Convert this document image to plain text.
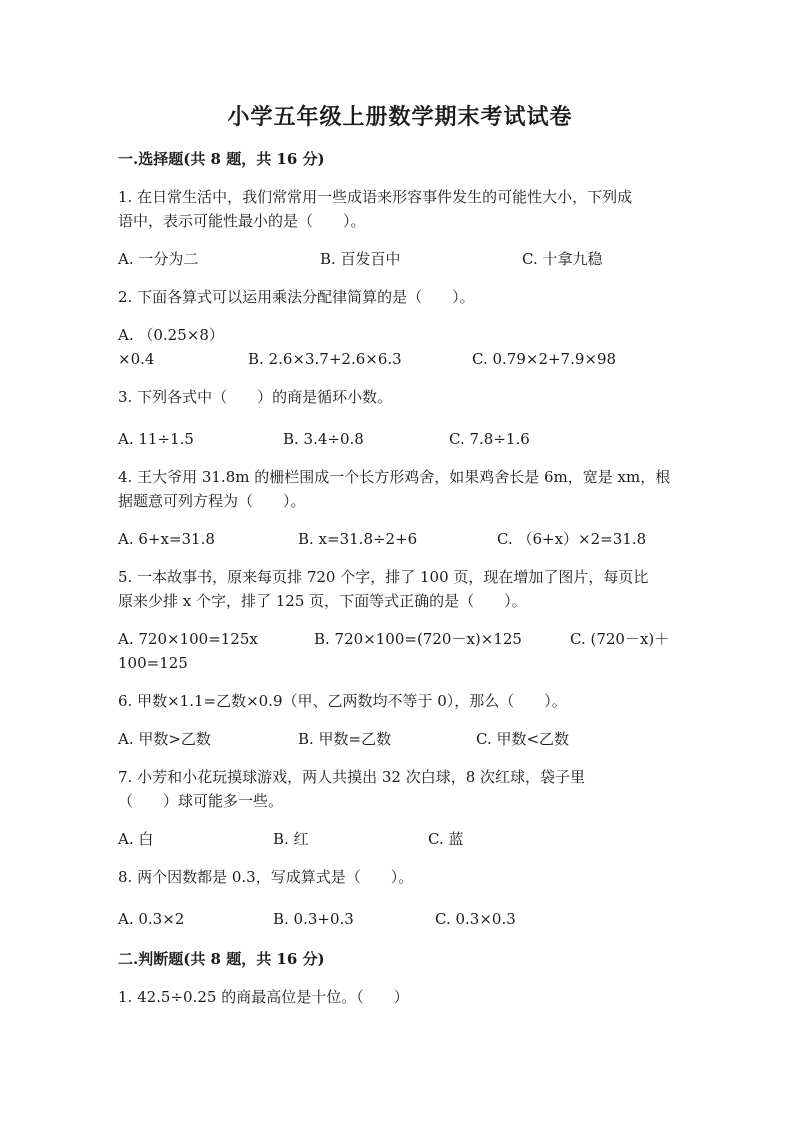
小学五年级上册数学期末考试试卷
一.选择题(共 8 题，共 16 分)
1. 在日常生活中，我们常常用一些成语来形容事件发生的可能性大小，下列成
语中，表示可能性最小的是（　　）。
A. 一分为二	B. 百发百中	C. 十拿九稳
2. 下面各算式可以运用乘法分配律简算的是（　　）。
A. （0.25×8）
×0.4	B. 2.6×3.7+2.6×6.3	C. 0.79×2+7.9×98
3. 下列各式中（　　）的商是循环小数。
A. 11÷1.5	B. 3.4÷0.8	C. 7.8÷1.6
4. 王大爷用 31.8m 的栅栏围成一个长方形鸡舍，如果鸡舍长是 6m，宽是 xm，根
据题意可列方程为（　　）。
A. 6+x=31.8	B. x=31.8÷2+6	C. （6+x）×2=31.8
5. 一本故事书，原来每页排 720 个字，排了 100 页，现在增加了图片，每页比
原来少排 x 个字，排了 125 页，下面等式正确的是（　　）。
A. 720×100=125x	B. 720×100=(720－x)×125	C. (720－x)＋
100=125
6. 甲数×1.1=乙数×0.9（甲、乙两数均不等于 0），那么（　　）。
A. 甲数>乙数	B. 甲数=乙数	C. 甲数<乙数
7. 小芳和小花玩摸球游戏，两人共摸出 32 次白球，8 次红球，袋子里
（　　）球可能多一些。
A. 白	B. 红	C. 蓝
8. 两个因数都是 0.3，写成算式是（　　）。
A. 0.3×2	B. 0.3+0.3	C. 0.3×0.3
二.判断题(共 8 题，共 16 分)
1. 42.5÷0.25 的商最高位是十位。（　　）
